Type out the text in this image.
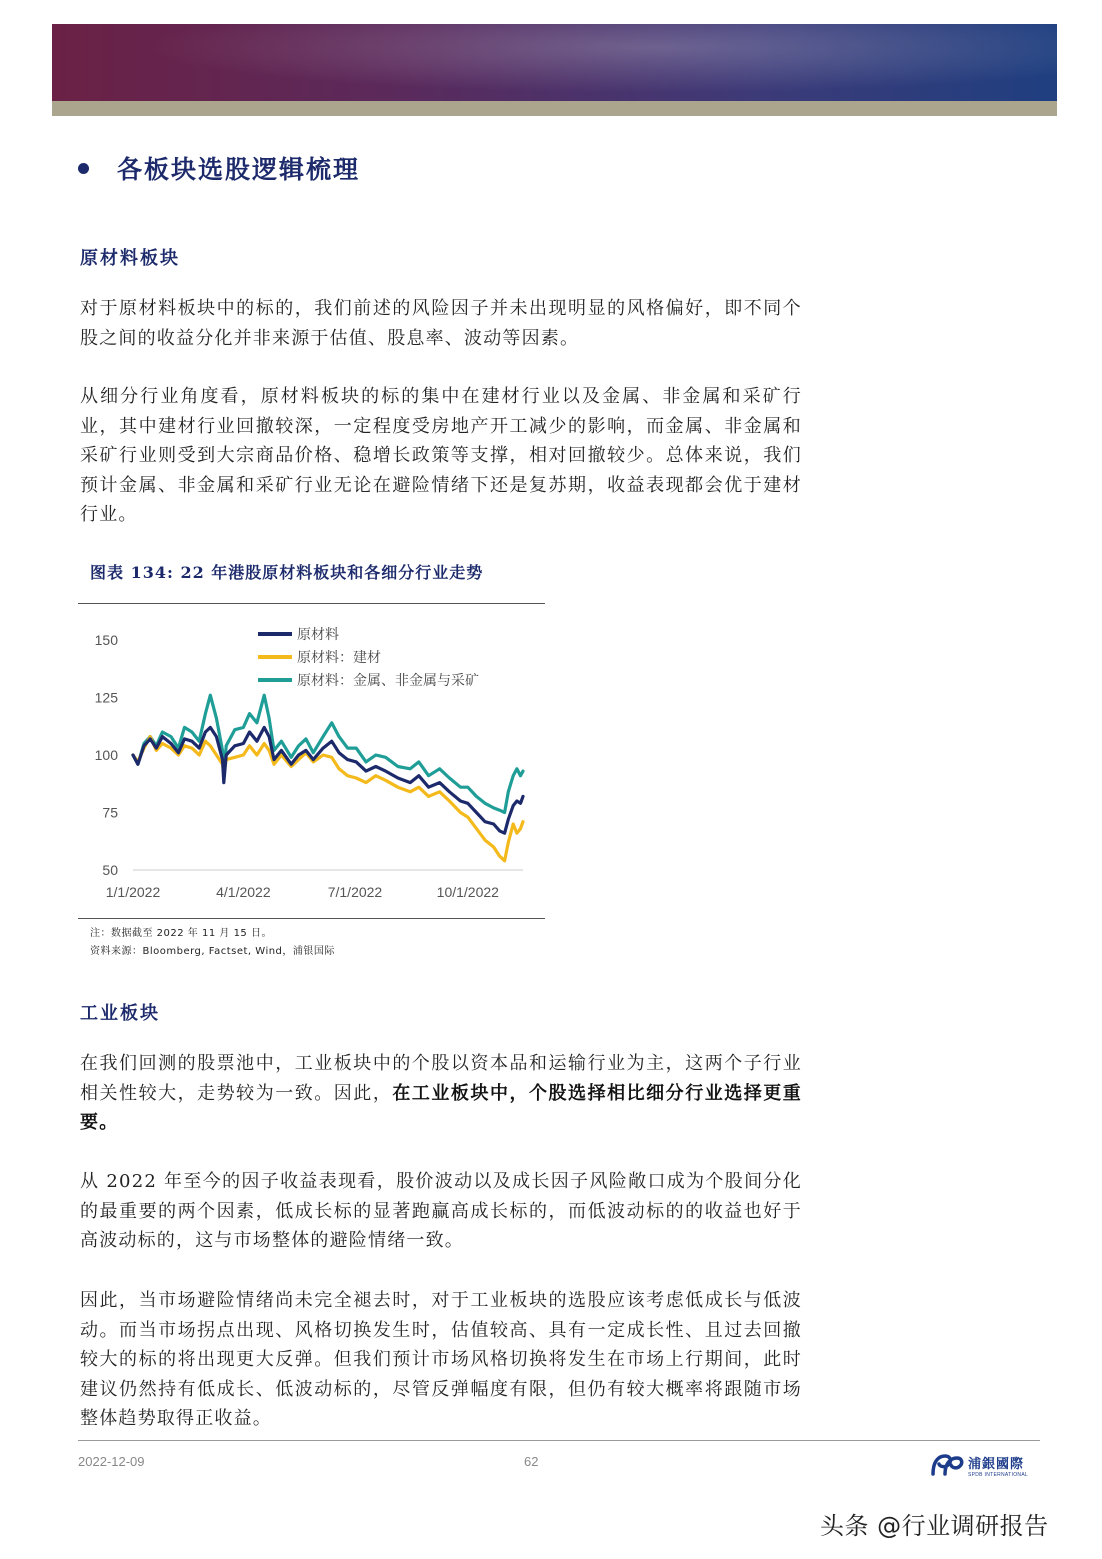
各板块选股逻辑梳理
原材料板块

对于原材料板块中的标的，我们前述的风险因子并未出现明显的风格偏好，即不同个股之间的收益分化并非来源于估值、股息率、波动等因素。

从细分行业角度看，原材料板块的标的集中在建材行业以及金属、非金属和采矿行业，其中建材行业回撤较深，一定程度受房地产开工减少的影响，而金属、非金属和采矿行业则受到大宗商品价格、稳增长政策等支撑，相对回撤较少。总体来说，我们预计金属、非金属和采矿行业无论在避险情绪下还是复苏期，收益表现都会优于建材行业。

图表 134: 22 年港股原材料板块和各细分行业走势
150
125
100
75
50
1/1/2022	4/1/2022	7/1/2022	10/1/2022
原材料
原材料：建材
原材料：金属、非金属与采矿
注：数据截至 2022 年 11 月 15 日。
资料来源：Bloomberg, Factset, Wind，浦银国际
工业板块

在我们回测的股票池中，工业板块中的个股以资本品和运输行业为主，这两个子行业相关性较大，走势较为一致。因此，在工业板块中，个股选择相比细分行业选择更重要。

从 2022 年至今的因子收益表现看，股价波动以及成长因子风险敞口成为个股间分化的最重要的两个因素，低成长标的显著跑赢高成长标的，而低波动标的的收益也好于高波动标的，这与市场整体的避险情绪一致。

因此，当市场避险情绪尚未完全褪去时，对于工业板块的选股应该考虑低成长与低波动。而当市场拐点出现、风格切换发生时，估值较高、具有一定成长性、且过去回撤较大的标的将出现更大反弹。但我们预计市场风格切换将发生在市场上行期间，此时建议仍然持有低成长、低波动标的，尽管反弹幅度有限，但仍有较大概率将跟随市场整体趋势取得正收益。

2022-12-09	62	浦銀國際
SPDB INTERNATIONAL
头条 @行业调研报告
